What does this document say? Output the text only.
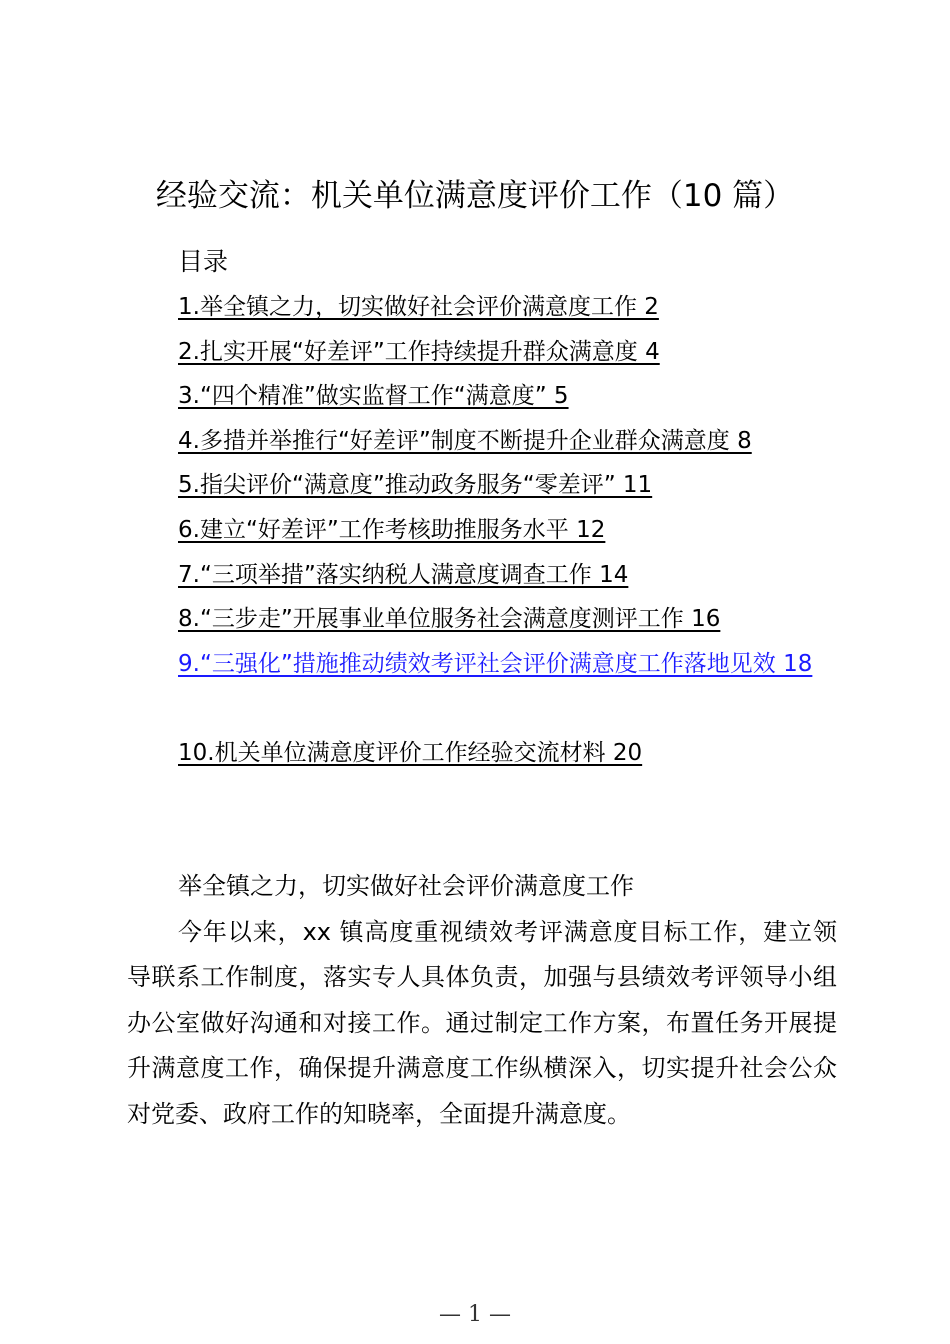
经验交流：机关单位满意度评价工作（10 篇）
目录
1.举全镇之力，切实做好社会评价满意度工作 2
2.扎实开展“好差评”工作持续提升群众满意度 4
3.“四个精准”做实监督工作“满意度” 5
4.多措并举推行“好差评”制度不断提升企业群众满意度 8
5.指尖评价“满意度”推动政务服务“零差评” 11
6.建立“好差评”工作考核助推服务水平 12
7.“三项举措”落实纳税人满意度调查工作 14
8.“三步走”开展事业单位服务社会满意度测评工作 16
9.“三强化”措施推动绩效考评社会评价满意度工作落地见效 18
10.机关单位满意度评价工作经验交流材料 20
举全镇之力，切实做好社会评价满意度工作

今年以来，xx 镇高度重视绩效考评满意度目标工作，建立领导联系工作制度，落实专人具体负责，加强与县绩效考评领导小组办公室做好沟通和对接工作。通过制定工作方案，布置任务开展提升满意度工作，确保提升满意度工作纵横深入，切实提升社会公众对党委、政府工作的知晓率，全面提升满意度。

— 1 —
